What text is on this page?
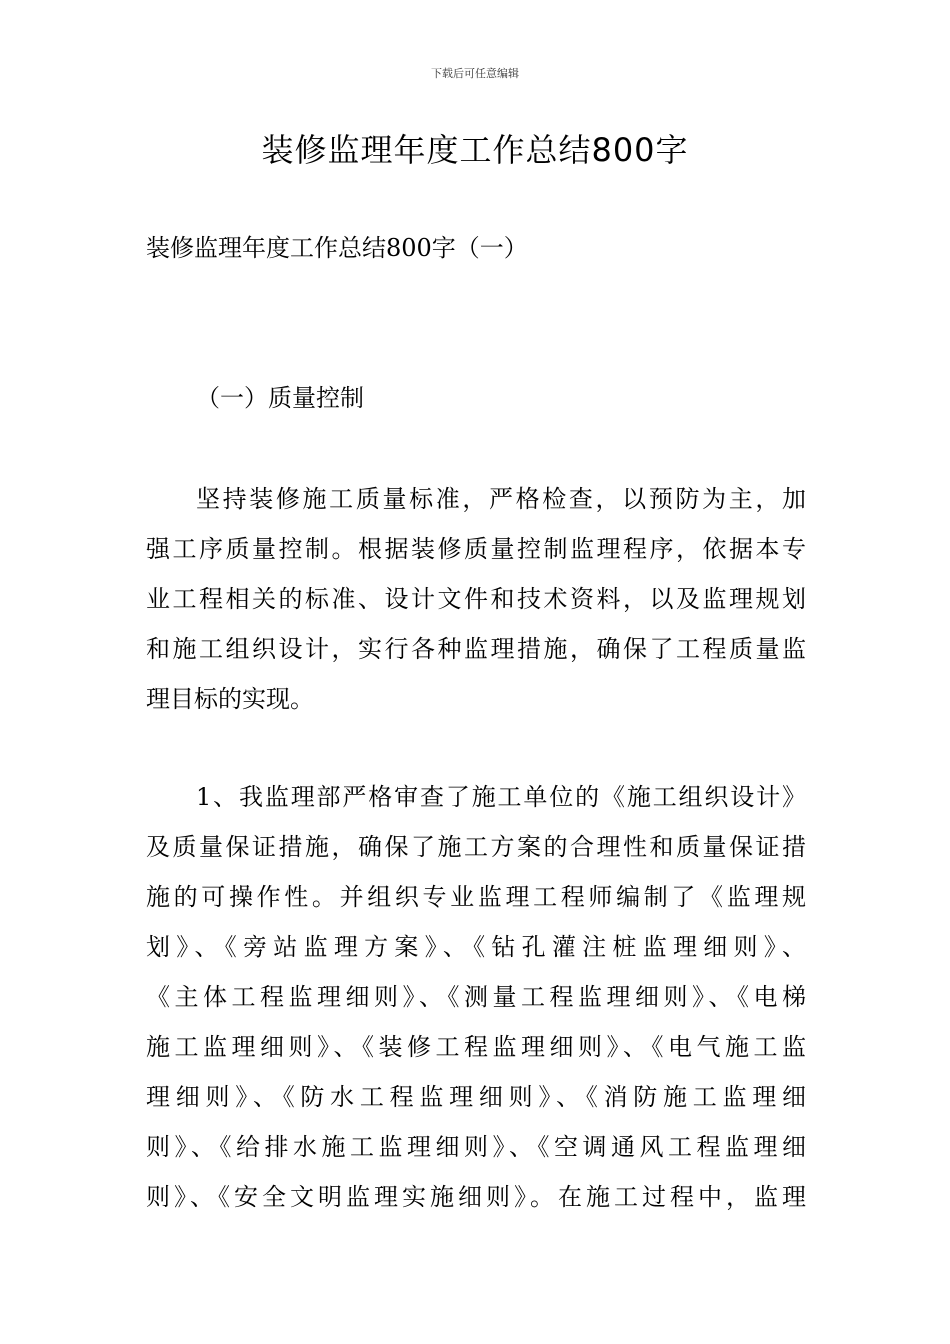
下载后可任意编辑
装修监理年度工作总结800字
装修监理年度工作总结800字（一）
（一）质量控制
坚持装修施工质量标准，严格检查，以预防为主，加
强工序质量控制。根据装修质量控制监理程序，依据本专
业工程相关的标准、设计文件和技术资料，以及监理规划
和施工组织设计，实行各种监理措施，确保了工程质量监
理目标的实现。
1、我监理部严格审查了施工单位的《施工组织设计》
及质量保证措施，确保了施工方案的合理性和质量保证措
施的可操作性。并组织专业监理工程师编制了《监理规
划》、《旁站监理方案》、《钻孔灌注桩监理细则》、
《主体工程监理细则》、《测量工程监理细则》、《电梯
施工监理细则》、《装修工程监理细则》、《电气施工监
理细则》、《防水工程监理细则》、《消防施工监理细
则》、《给排水施工监理细则》、《空调通风工程监理细
则》、《安全文明监理实施细则》。在施工过程中，监理
